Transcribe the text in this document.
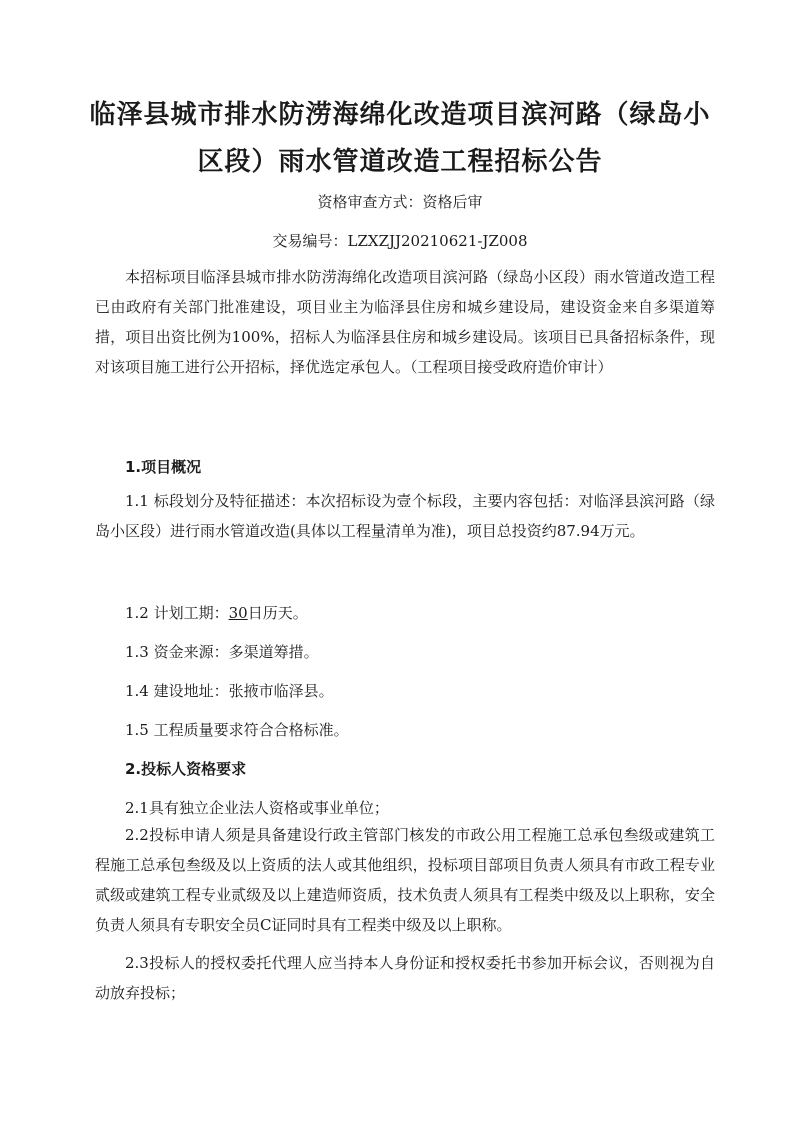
临泽县城市排水防涝海绵化改造项目滨河路（绿岛小区段）雨水管道改造工程招标公告

资格审查方式：资格后审

交易编号：LZXZJJ20210621-JZ008

本招标项目临泽县城市排水防涝海绵化改造项目滨河路（绿岛小区段）雨水管道改造工程已由政府有关部门批准建设，项目业主为临泽县住房和城乡建设局，建设资金来自多渠道筹措，项目出资比例为100%，招标人为临泽县住房和城乡建设局。该项目已具备招标条件，现对该项目施工进行公开招标，择优选定承包人。（工程项目接受政府造价审计）

1.项目概况

1.1 标段划分及特征描述：本次招标设为壹个标段，主要内容包括：对临泽县滨河路（绿岛小区段）进行雨水管道改造(具体以工程量清单为准)，项目总投资约87.94万元。

1.2 计划工期：30日历天。

1.3 资金来源：多渠道筹措。

1.4 建设地址：张掖市临泽县。

1.5 工程质量要求符合合格标准。

2.投标人资格要求

2.1具有独立企业法人资格或事业单位；

2.2投标申请人须是具备建设行政主管部门核发的市政公用工程施工总承包叁级或建筑工程施工总承包叁级及以上资质的法人或其他组织，投标项目部项目负责人须具有市政工程专业贰级或建筑工程专业贰级及以上建造师资质，技术负责人须具有工程类中级及以上职称，安全负责人须具有专职安全员C证同时具有工程类中级及以上职称。

2.3投标人的授权委托代理人应当持本人身份证和授权委托书参加开标会议，否则视为自动放弃投标；
